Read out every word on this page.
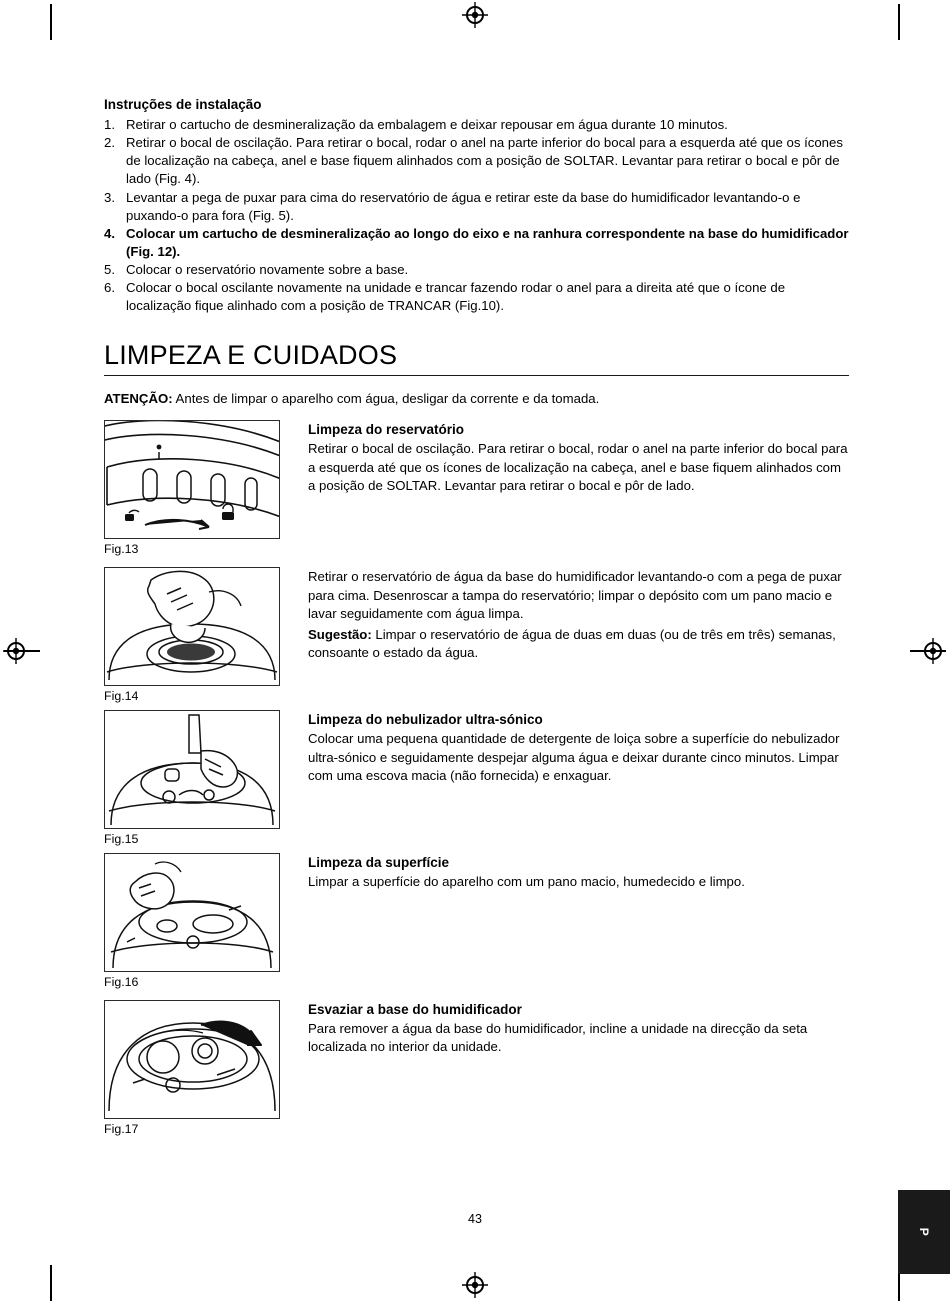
Instruções de instalação
1. Retirar o cartucho de desmineralização da embalagem e deixar repousar em água durante 10 minutos.
2. Retirar o bocal de oscilação. Para retirar o bocal, rodar o anel na parte inferior do bocal para a esquerda até que os ícones de localização na cabeça, anel e base fiquem alinhados com a posição de SOLTAR. Levantar para retirar o bocal e pôr de lado (Fig. 4).
3. Levantar a pega de puxar para cima do reservatório de água e retirar este da base do humidificador levantando-o e puxando-o para fora (Fig. 5).
4. Colocar um cartucho de desmineralização ao longo do eixo e na ranhura correspondente na base do humidificador (Fig. 12).
5. Colocar o reservatório novamente sobre a base.
6. Colocar o bocal oscilante novamente na unidade e trancar fazendo rodar o anel para a direita até que o ícone de localização fique alinhado com a posição de TRANCAR (Fig.10).
LIMPEZA E CUIDADOS

ATENÇÃO: Antes de limpar o aparelho com água, desligar da corrente e da tomada.

Fig.13
Limpeza do reservatório

Retirar o bocal de oscilação. Para retirar o bocal, rodar o anel na parte inferior do bocal para a esquerda até que os ícones de localização na cabeça, anel e base fiquem alinhados com a posição de SOLTAR. Levantar para retirar o bocal e pôr de lado.

Fig.14

Retirar o reservatório de água da base do humidificador levantando-o com a pega de puxar para cima. Desenroscar a tampa do reservatório; limpar o depósito com um pano macio e lavar seguidamente com água limpa.

Sugestão: Limpar o reservatório de água de duas em duas (ou de três em três) semanas, consoante o estado da água.

Fig.15
Limpeza do nebulizador ultra-sónico

Colocar uma pequena quantidade de detergente de loiça sobre a superfície do nebulizador ultra-sónico e seguidamente despejar alguma água e deixar durante cinco minutos. Limpar com uma escova macia (não fornecida) e enxaguar.

Fig.16
Limpeza da superfície

Limpar a superfície do aparelho com um pano macio, humedecido e limpo.

Fig.17
Esvaziar a base do humidificador

Para remover a água da base do humidificador, incline a unidade na direcção da seta localizada no interior da unidade.

43
P
